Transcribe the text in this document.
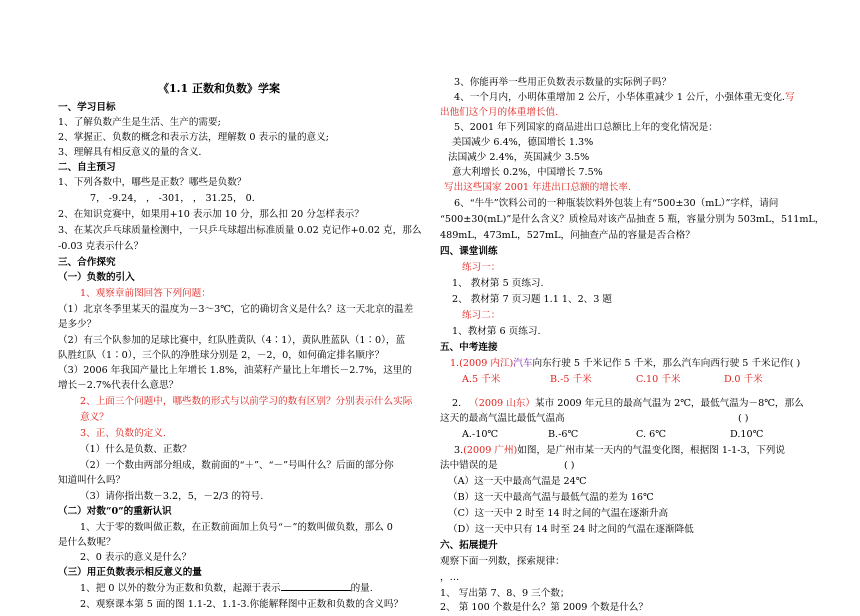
《1.1 正数和负数》学案
一、学习目标
1、了解负数产生是生活、生产的需要;
2、掌握正、负数的概念和表示方法，理解数 0 表示的量的意义;
3、理解具有相反意义的量的含义.
二、自主预习
1、下列各数中，哪些是正数？哪些是负数？
7， -9.24， ， -301， ， 31.25， 0.
2、在知识竞赛中，如果用+10 表示加 10 分，那么扣 20 分怎样表示？
3、在某次乒乓球质量检测中，一只乒乓球超出标准质量 0.02 克记作+0.02 克，那么
-0.03 克表示什么？
三、合作探究
（一）负数的引入
1、观察章前图回答下列问题：
（1）北京冬季里某天的温度为－3～3℃，它的确切含义是什么？这一天北京的温差
是多少？
（2）有三个队参加的足球比赛中，红队胜黄队（4∶1），黄队胜蓝队（1∶0），蓝
队胜红队（1∶0），三个队的净胜球分别是 2，－2，0，如何确定排名顺序？
（3）2006 年我国产量比上年增长 1.8%，油菜籽产量比上年增长－2.7%，这里的
增长－2.7%代表什么意思？
2、上面三个问题中，哪些数的形式与以前学习的数有区别？分别表示什么实际
意义？
3、正、负数的定义.
（1）什么是负数、正数？
（2）一个数由两部分组成，数前面的“＋”、“－”号叫什么？后面的部分你
知道叫什么吗？
（3）请你指出数－3.2，5，－2/3 的符号.
（二）对数“0”的重新认识
1、大于零的数叫做正数，在正数前面加上负号“－”的数叫做负数，那么 0
是什么数呢？
2、0 表示的意义是什么？
（三）用正负数表示相反意义的量
1、把 0 以外的数分为正数和负数，起源于表示	的量.
2、观察课本第 5 面的图 1.1-2、1.1-3.你能解释图中正数和负数的含义吗？
3、你能再举一些用正负数表示数量的实际例子吗？
4、一个月内，小明体重增加 2 公斤，小华体重减少 1 公斤，小强体重无变化.写
出他们这个月的体重增长值.
5、2001 年下列国家的商品进出口总额比上年的变化情况是：
美国减少 6.4%，德国增长 1.3%
法国减少 2.4%，英国减少 3.5%
意大利增长 0.2%，中国增长 7.5%
写出这些国家 2001 年进出口总额的增长率.
6、“牛牛”饮料公司的一种瓶装饮料外包装上有“500±30（mL）”字样，请问
“500±30(mL)”是什么含义？质检局对该产品抽查 5 瓶，容量分别为 503mL，511mL，
489mL，473mL，527mL，问抽查产品的容量是否合格？
四、课堂训练
练习一：
1、 教材第 5 页练习.
2、 教材第 7 页习题 1.1 1、2、3 题
练习二：
1、教材第 6 页练习.
五、中考连接
1.(2009 内江)汽车向东行驶 5 千米记作 5 千米，那么汽车向西行驶 5 千米记作( )
A.5 千米	B.-5 千米	C.10 千米	D.0 千米
2. （2009 山东）某市 2009 年元旦的最高气温为 2℃，最低气温为－8℃，那么
这天的最高气温比最低气温高	( )
A.-10℃	B.-6℃	C. 6℃	D.10℃
3.(2009 广州)如图，是广州市某一天内的气温变化图，根据图 1-1-3，下列说
法中错误的是	( )
（A）这一天中最高气温是 24℃
（B）这一天中最高气温与最低气温的差为 16℃
（C）这一天中 2 时至 14 时之间的气温在逐渐升高
（D）这一天中只有 14 时至 24 时之间的气温在逐渐降低
六、拓展提升
观察下面一列数，探索规律：
，…
1、 写出第 7、8、9 三个数；
2、 第 100 个数是什么？第 2009 个数是什么？
